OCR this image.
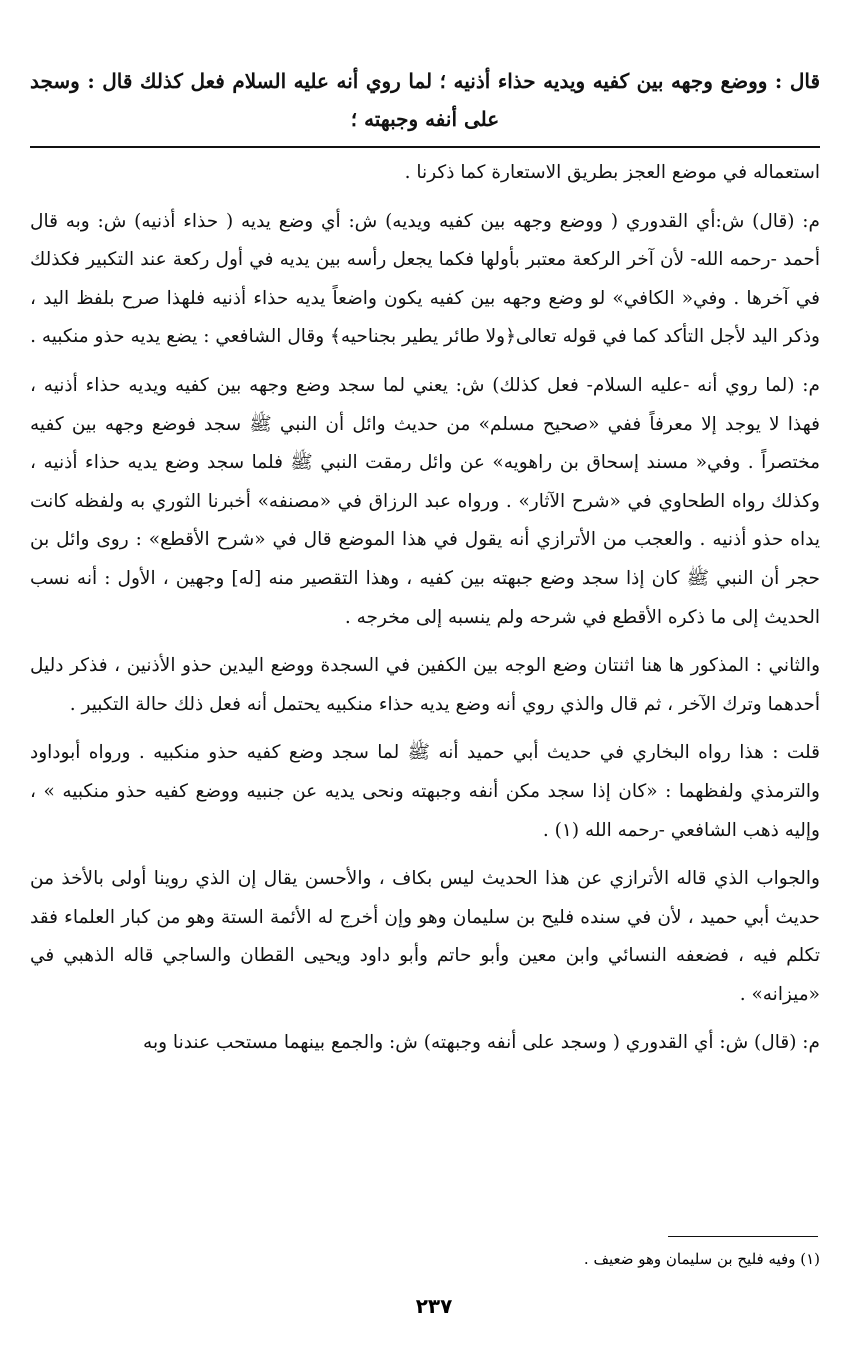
قال : ووضع وجهه بين كفيه ويديه حذاء أذنيه ؛ لما روي أنه عليه السلام فعل كذلك قال : وسجد على أنفه وجبهته ؛

استعماله في موضع العجز بطريق الاستعارة كما ذكرنا .

م: (قال) ش:أي القدوري ( ووضع وجهه بين كفيه ويديه) ش: أي وضع يديه ( حذاء أذنيه) ش: وبه قال أحمد -رحمه الله- لأن آخر الركعة معتبر بأولها فكما يجعل رأسه بين يديه في أول ركعة عند التكبير فكذلك في آخرها . وفي« الكافي» لو وضع وجهه بين كفيه يكون واضعاً يديه حذاء أذنيه فلهذا صرح بلفظ اليد ، وذكر اليد لأجل التأكد كما في قوله تعالى﴿ولا طائر يطير بجناحيه﴾ وقال الشافعي : يضع يديه حذو منكبيه .

م: (لما روي أنه -عليه السلام- فعل كذلك) ش: يعني لما سجد وضع وجهه بين كفيه ويديه حذاء أذنيه ، فهذا لا يوجد إلا معرفاً ففي «صحيح مسلم» من حديث وائل أن النبي ﷺ سجد فوضع وجهه بين كفيه مختصراً . وفي« مسند إسحاق بن راهويه» عن وائل رمقت النبي ﷺ فلما سجد وضع يديه حذاء أذنيه ، وكذلك رواه الطحاوي في «شرح الآثار» . ورواه عبد الرزاق في «مصنفه» أخبرنا الثوري به ولفظه كانت يداه حذو أذنيه . والعجب من الأترازي أنه يقول في هذا الموضع قال في «شرح الأقطع» : روى وائل بن حجر أن النبي ﷺ كان إذا سجد وضع جبهته بين كفيه ، وهذا التقصير منه [له] وجهين ، الأول : أنه نسب الحديث إلى ما ذكره الأقطع في شرحه ولم ينسبه إلى مخرجه .

والثاني : المذكور ها هنا اثنتان وضع الوجه بين الكفين في السجدة ووضع اليدين حذو الأذنين ، فذكر دليل أحدهما وترك الآخر ، ثم قال والذي روي أنه وضع يديه حذاء منكبيه يحتمل أنه فعل ذلك حالة التكبير .

قلت : هذا رواه البخاري في حديث أبي حميد أنه ﷺ لما سجد وضع كفيه حذو منكبيه . ورواه أبوداود والترمذي ولفظهما : «كان إذا سجد مكن أنفه وجبهته ونحى يديه عن جنبيه ووضع كفيه حذو منكبيه » ، وإليه ذهب الشافعي -رحمه الله (١) .

والجواب الذي قاله الأترازي عن هذا الحديث ليس بكاف ، والأحسن يقال إن الذي روينا أولى بالأخذ من حديث أبي حميد ، لأن في سنده فليح بن سليمان وهو وإن أخرج له الأئمة الستة وهو من كبار العلماء فقد تكلم فيه ، فضعفه النسائي وابن معين وأبو حاتم وأبو داود ويحيى القطان والساجي قاله الذهبي في «ميزانه» .

م: (قال) ش: أي القدوري ( وسجد على أنفه وجبهته) ش: والجمع بينهما مستحب عندنا وبه

(١) وفيه فليح بن سليمان وهو ضعيف .
٢٣٧
